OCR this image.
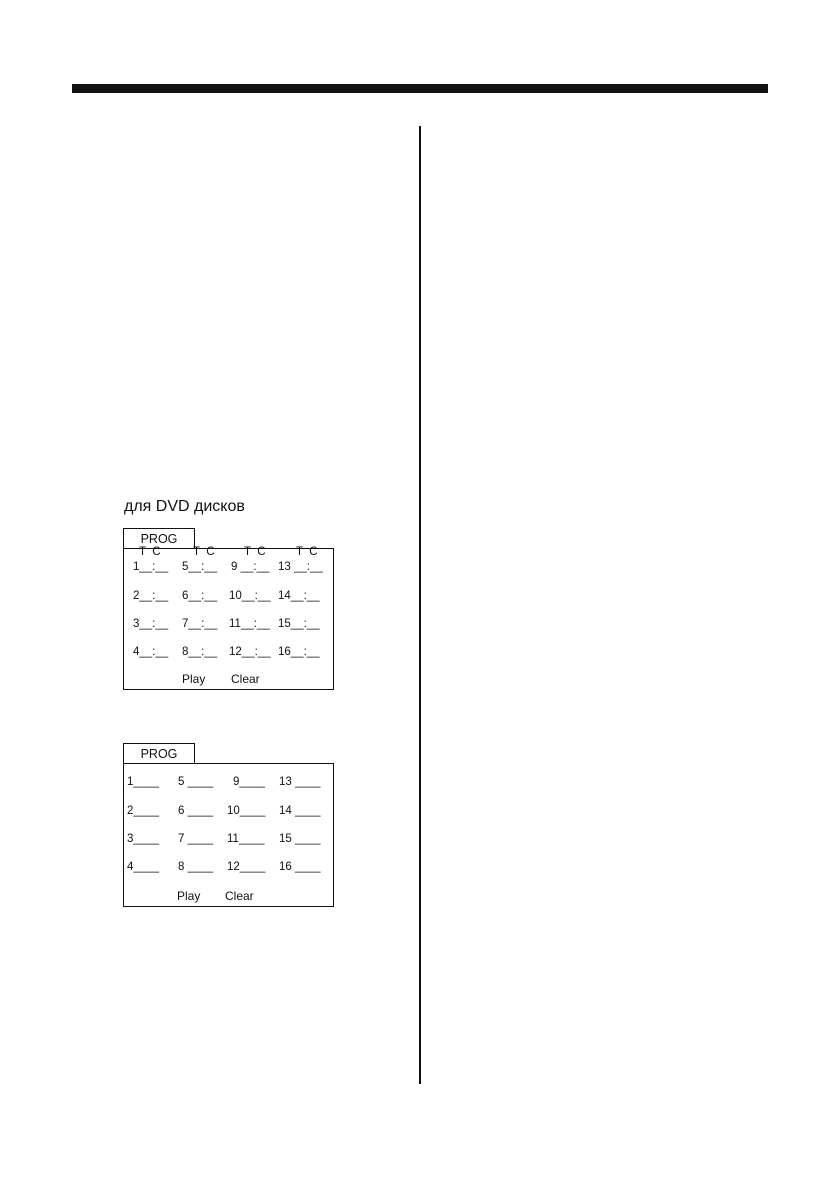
для DVD дисков
PROG
T  C	T  C	T  C	T  C
1__:__ 5__:__ 9 __:__ 13 __:__
2__:__ 6__:__ 10__:__ 14__:__
3__:__ 7__:__ 11__:__ 15__:__
4__:__ 8__:__ 12__:__ 16__:__
Play Clear
PROG
1____ 5 ____ 9____ 13 ____
2____ 6 ____ 10____ 14 ____
3____ 7 ____ 11____ 15 ____
4____ 8 ____ 12____ 16 ____
Play Clear
